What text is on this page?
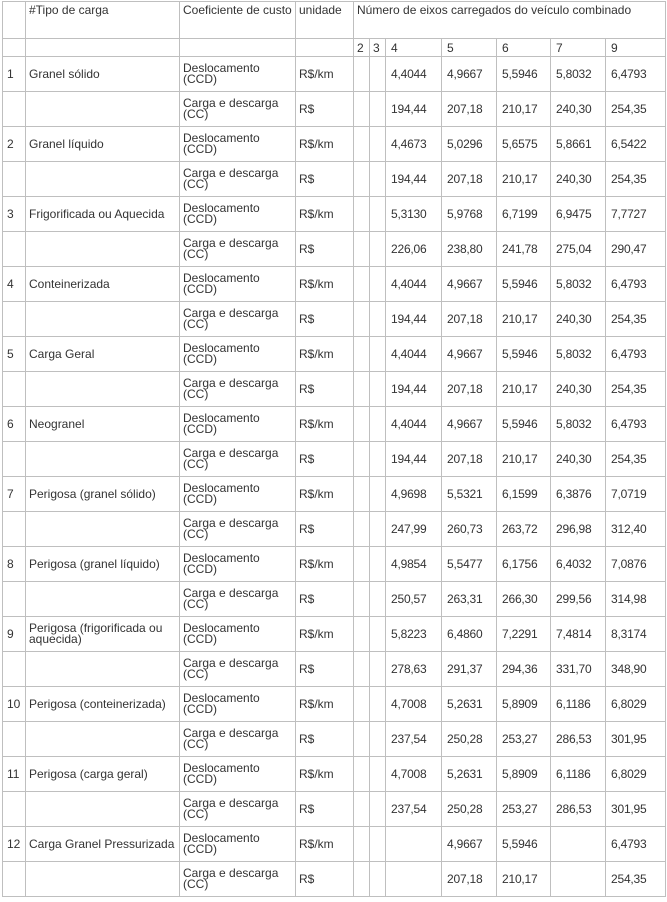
	#Tipo de carga	Coeficiente de custo	unidade	Número de eixos carregados do veículo combinado						
				2	3	4	5	6	7	9
1	Granel sólido	Deslocamento (CCD)	R$/km			4,4044	4,9667	5,5946	5,8032	6,4793
		Carga e descarga (CC)	R$			194,44	207,18	210,17	240,30	254,35
2	Granel líquido	Deslocamento (CCD)	R$/km			4,4673	5,0296	5,6575	5,8661	6,5422
		Carga e descarga (CC)	R$			194,44	207,18	210,17	240,30	254,35
3	Frigorificada ou Aquecida	Deslocamento (CCD)	R$/km			5,3130	5,9768	6,7199	6,9475	7,7727
		Carga e descarga (CC)	R$			226,06	238,80	241,78	275,04	290,47
4	Conteinerizada	Deslocamento (CCD)	R$/km			4,4044	4,9667	5,5946	5,8032	6,4793
		Carga e descarga (CC)	R$			194,44	207,18	210,17	240,30	254,35
5	Carga Geral	Deslocamento (CCD)	R$/km			4,4044	4,9667	5,5946	5,8032	6,4793
		Carga e descarga (CC)	R$			194,44	207,18	210,17	240,30	254,35
6	Neogranel	Deslocamento (CCD)	R$/km			4,4044	4,9667	5,5946	5,8032	6,4793
		Carga e descarga (CC)	R$			194,44	207,18	210,17	240,30	254,35
7	Perigosa (granel sólido)	Deslocamento (CCD)	R$/km			4,9698	5,5321	6,1599	6,3876	7,0719
		Carga e descarga (CC)	R$			247,99	260,73	263,72	296,98	312,40
8	Perigosa (granel líquido)	Deslocamento (CCD)	R$/km			4,9854	5,5477	6,1756	6,4032	7,0876
		Carga e descarga (CC)	R$			250,57	263,31	266,30	299,56	314,98
9	Perigosa (frigorificada ou aquecida)	Deslocamento (CCD)	R$/km			5,8223	6,4860	7,2291	7,4814	8,3174
		Carga e descarga (CC)	R$			278,63	291,37	294,36	331,70	348,90
10	Perigosa (conteinerizada)	Deslocamento (CCD)	R$/km			4,7008	5,2631	5,8909	6,1186	6,8029
		Carga e descarga (CC)	R$			237,54	250,28	253,27	286,53	301,95
11	Perigosa (carga geral)	Deslocamento (CCD)	R$/km			4,7008	5,2631	5,8909	6,1186	6,8029
		Carga e descarga (CC)	R$			237,54	250,28	253,27	286,53	301,95
12	Carga Granel Pressurizada	Deslocamento (CCD)	R$/km				4,9667	5,5946		6,4793
		Carga e descarga (CC)	R$				207,18	210,17		254,35
